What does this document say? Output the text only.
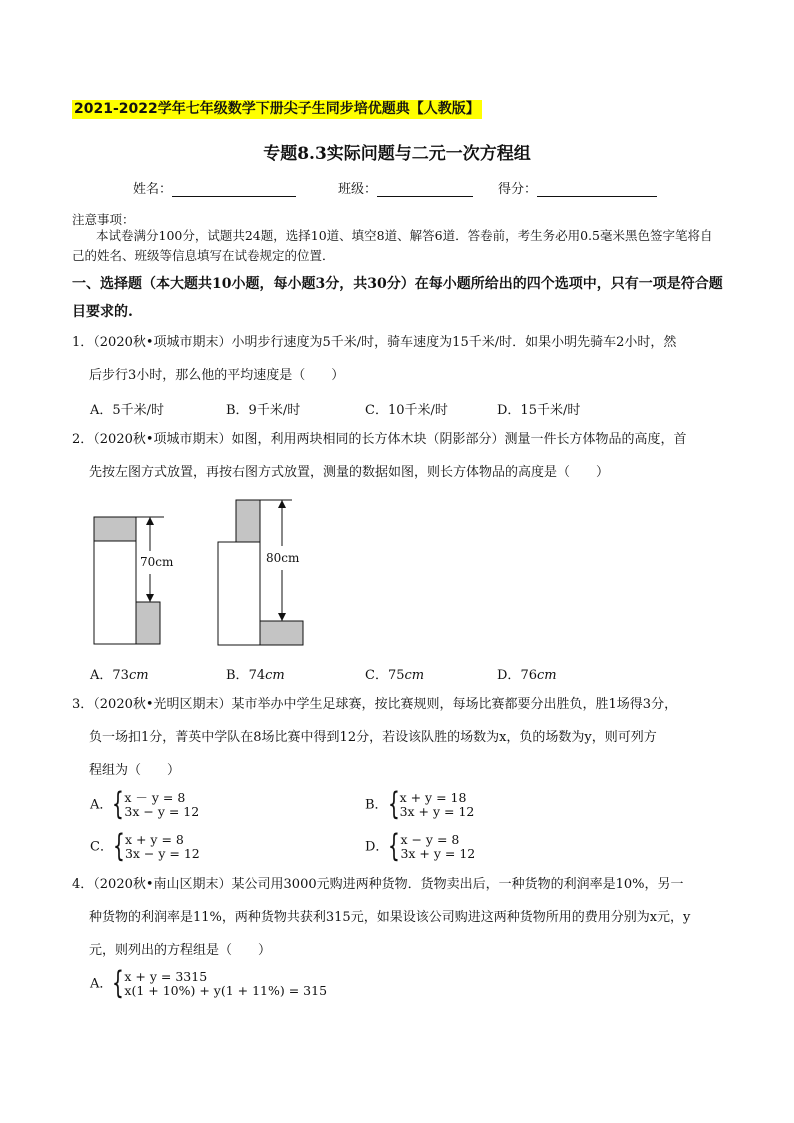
2021-2022学年七年级数学下册尖子生同步培优题典【人教版】
专题8.3实际问题与二元一次方程组
姓名：	班级：	得分：
注意事项：
本试卷满分100分，试题共24题，选择10道、填空8道、解答6道．答卷前，考生务必用0.5毫米黑色签字笔将自己的姓名、班级等信息填写在试卷规定的位置．
一、选择题（本大题共10小题，每小题3分，共30分）在每小题所给出的四个选项中，只有一项是符合题目要求的.
1．（2020秋•项城市期末）小明步行速度为5千米/时，骑车速度为15千米/时．如果小明先骑车2小时，然
后步行3小时，那么他的平均速度是（　　）
A．5千米/时	B．9千米/时	C．10千米/时	D．15千米/时
2．（2020秋•项城市期末）如图，利用两块相同的长方体木块（阴影部分）测量一件长方体物品的高度，首
先按左图方式放置，再按右图方式放置，测量的数据如图，则长方体物品的高度是（　　）
70cm	80cm
A．73cm	B．74cm	C．75cm	D．76cm
3．（2020秋•光明区期末）某市举办中学生足球赛，按比赛规则，每场比赛都要分出胜负，胜1场得3分，
负一场扣1分，菁英中学队在8场比赛中得到12分，若设该队胜的场数为x，负的场数为y，则可列方
程组为（　　）
A． { x － y = 8
3x − y = 12	B． { x + y = 18
3x + y = 12
C． { x + y = 8
3x − y = 12	D． { x − y = 8
3x + y = 12
4．（2020秋•南山区期末）某公司用3000元购进两种货物．货物卖出后，一种货物的利润率是10%，另一
种货物的利润率是11%，两种货物共获利315元，如果设该公司购进这两种货物所用的费用分别为x元，y
元，则列出的方程组是（　　）
A． { x + y = 3315
x(1 + 10%) + y(1 + 11%) = 315
